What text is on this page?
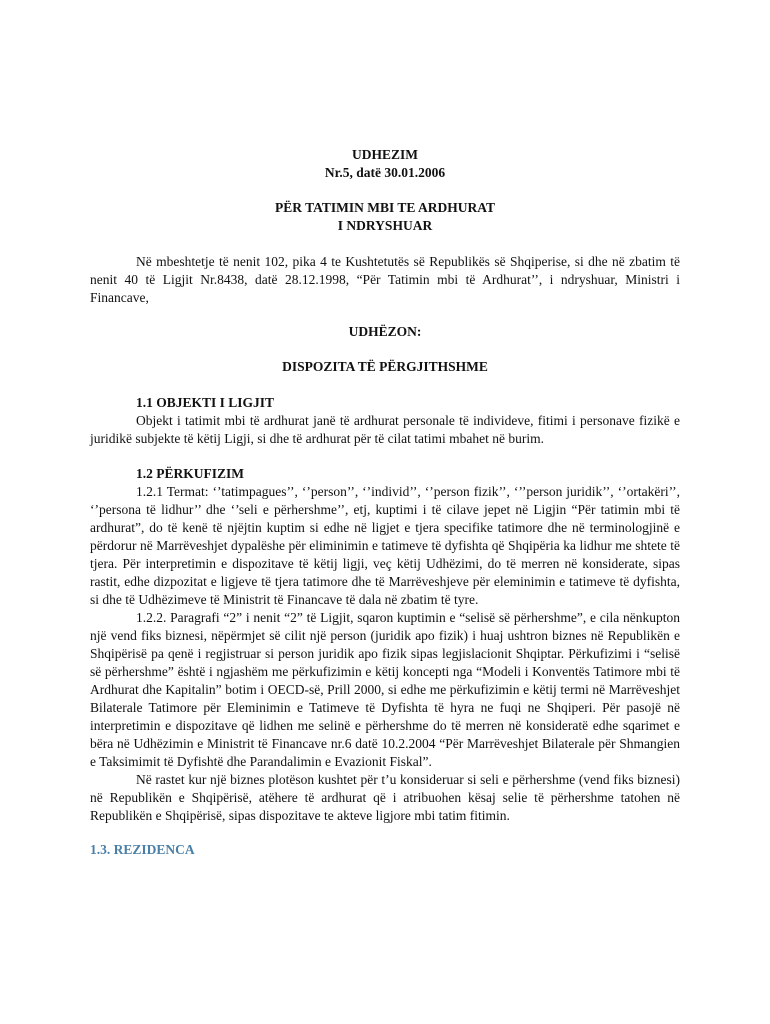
UDHEZIM
Nr.5, datë 30.01.2006
PËR TATIMIN MBI TE ARDHURAT
I NDRYSHUAR

Në mbeshtetje të nenit 102, pika 4 te Kushtetutës së Republikës së Shqiperise, si dhe në zbatim të nenit 40 të Ligjit Nr.8438, datë 28.12.1998, “Për Tatimin mbi të Ardhurat’’, i ndryshuar, Ministri i Financave,

UDHËZON:
DISPOZITA TË PËRGJITHSHME
1.1 OBJEKTI I LIGJIT

Objekt i tatimit mbi të ardhurat janë të ardhurat personale të individeve, fitimi i personave fizikë e juridikë subjekte të këtij Ligji, si dhe të ardhurat për të cilat tatimi mbahet në burim.

1.2 PËRKUFIZIM

1.2.1 Termat: ‘’tatimpagues’’, ‘’person’’, ‘’individ’’, ‘’person fizik’’, ‘’’person juridik’’, ‘’ortakëri’’, ‘’persona të lidhur’’ dhe ‘’seli e përhershme’’, etj, kuptimi i të cilave jepet në Ligjin “Për tatimin mbi të ardhurat”, do të kenë të njëjtin kuptim si edhe në ligjet e tjera specifike tatimore dhe në terminologjinë e përdorur në Marrëveshjet dypalëshe për eliminimin e tatimeve të dyfishta që Shqipëria ka lidhur me shtete të tjera. Për interpretimin e dispozitave të këtij ligji, veç këtij Udhëzimi, do të merren në konsiderate, sipas rastit, edhe dizpozitat e ligjeve të tjera tatimore dhe të Marrëveshjeve për eleminimin e tatimeve të dyfishta, si dhe të Udhëzimeve të Ministrit të Financave të dala në zbatim të tyre.

1.2.2. Paragrafi “2” i nenit “2” të Ligjit, sqaron kuptimin e “selisë së përhershme”, e cila nënkupton një vend fiks biznesi, nëpërmjet së cilit një person (juridik apo fizik) i huaj ushtron biznes në Republikën e Shqipërisë pa qenë i regjistruar si person juridik apo fizik sipas legjislacionit Shqiptar. Përkufizimi i “selisë së përhershme” është i ngjashëm me përkufizimin e këtij koncepti nga “Modeli i Konventës Tatimore mbi të Ardhurat dhe Kapitalin” botim i OECD-së, Prill 2000, si edhe me përkufizimin e këtij termi në Marrëveshjet Bilaterale Tatimore për Eleminimin e Tatimeve të Dyfishta të hyra ne fuqi ne Shqiperi. Për pasojë në interpretimin e dispozitave që lidhen me selinë e përhershme do të merren në konsideratë edhe sqarimet e bëra në Udhëzimin e Ministrit të Financave nr.6 datë 10.2.2004 “Për Marrëveshjet Bilaterale për Shmangien e Taksimimit të Dyfishtë dhe Parandalimin e Evazionit Fiskal”.

Në rastet kur një biznes plotëson kushtet për t’u konsideruar si seli e përhershme (vend fiks biznesi) në Republikën e Shqipërisë, atëhere të ardhurat që i atribuohen kësaj selie të përhershme tatohen në Republikën e Shqipërisë, sipas dispozitave te akteve ligjore mbi tatim fitimin.

1.3. REZIDENCA
